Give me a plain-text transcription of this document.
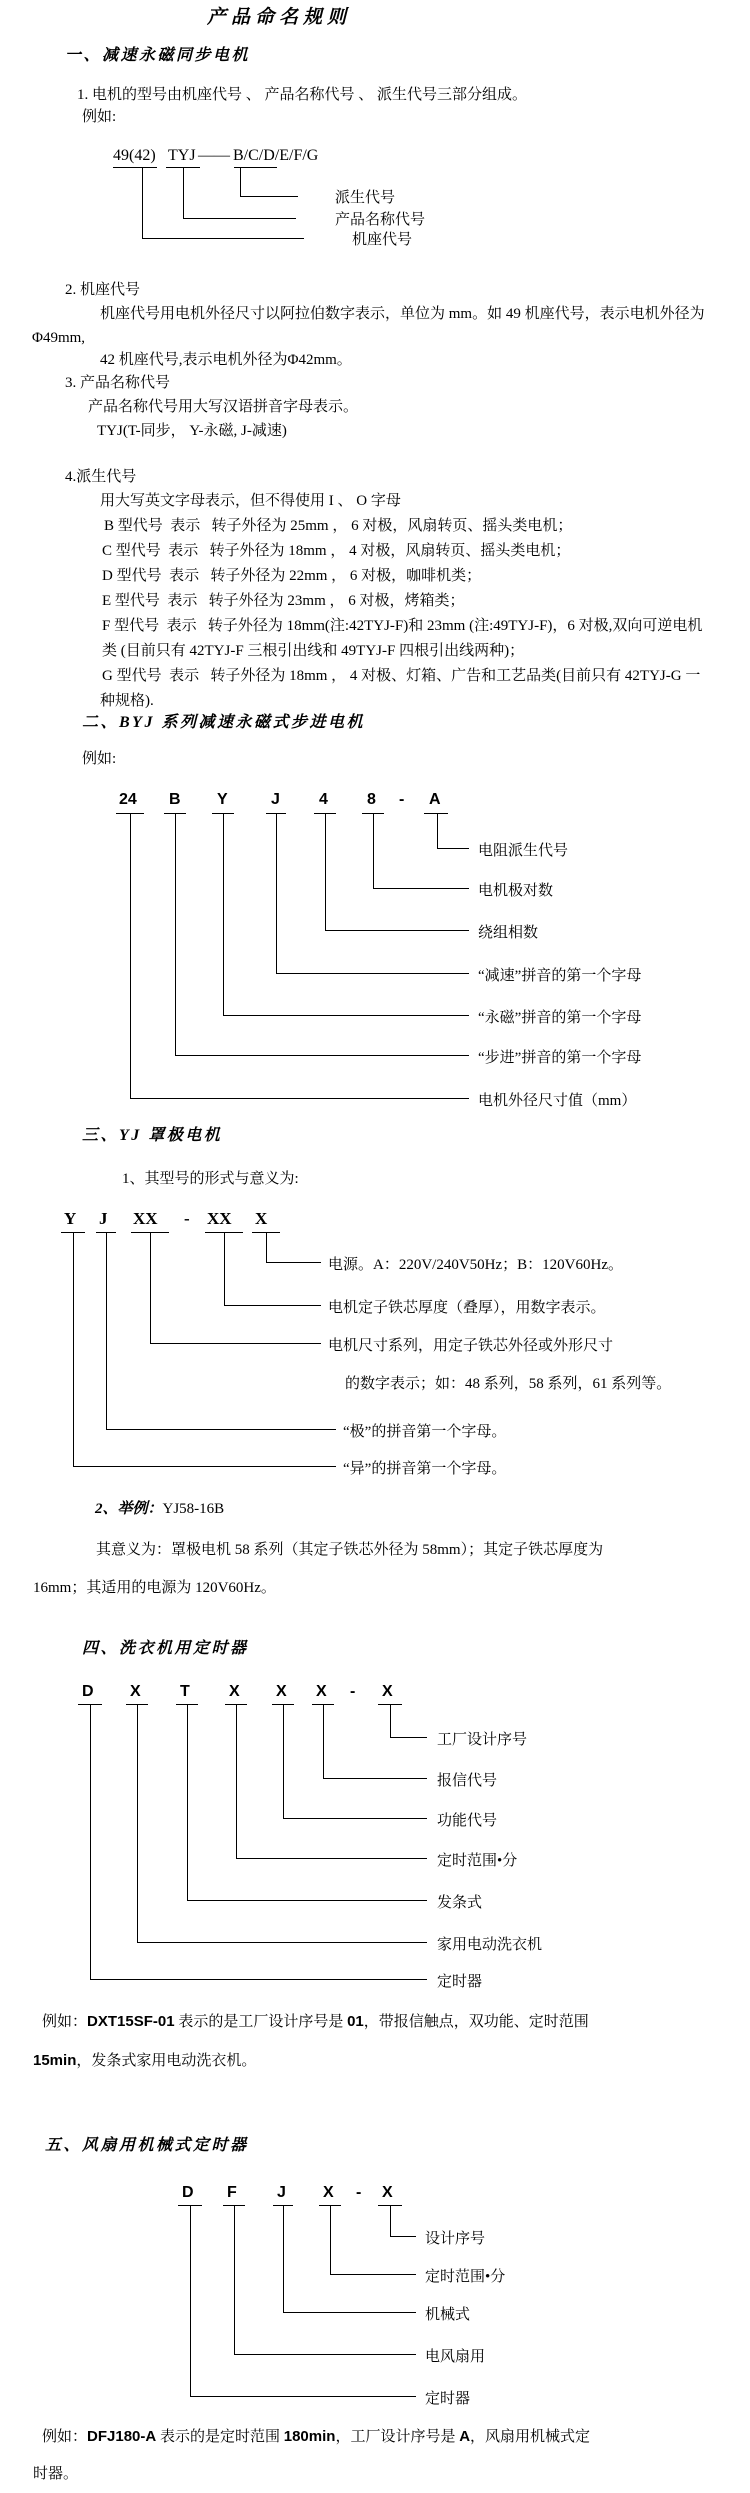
产品命名规则
一、减速永磁同步电机
1. 电机的型号由机座代号 、 产品名称代号 、 派生代号三部分组成。
例如:
49(42) TYJ —— B/C/D/E/F/G
派生代号
产品名称代号
机座代号
2. 机座代号
机座代号用电机外径尺寸以阿拉伯数字表示，单位为 mm。如 49 机座代号，表示电机外径为
Φ49mm,
42 机座代号,表示电机外径为Φ42mm。
3. 产品名称代号
产品名称代号用大写汉语拼音字母表示。
TYJ(T-同步， Y-永磁, J-减速)
4.派生代号
用大写英文字母表示，但不得使用 I 、 O 字母
B 型代号  表示   转子外径为 25mm ， 6 对极，风扇转页、摇头类电机；
C 型代号  表示   转子外径为 18mm ， 4 对极，风扇转页、摇头类电机；
D 型代号  表示   转子外径为 22mm ， 6 对极，咖啡机类；
E 型代号  表示   转子外径为 23mm ， 6 对极，烤箱类；
F 型代号  表示   转子外径为 18mm(注:42TYJ-F)和 23mm (注:49TYJ-F)，6 对极,双向可逆电机
类 (目前只有 42TYJ-F 三根引出线和 49TYJ-F 四根引出线两种)；
G 型代号  表示   转子外径为 18mm ， 4 对极、灯箱、广告和工艺品类(目前只有 42TYJ-G 一
种规格).
二、BYJ 系列减速永磁式步进电机
例如:
24 B Y	J 4 8 - A
电阻派生代号
电机极对数
绕组相数
“减速”拼音的第一个字母
“永磁”拼音的第一个字母
“步进”拼音的第一个字母
电机外径尺寸值（mm）
三、YJ 罩极电机
1、其型号的形式与意义为:
Y J XX - XX X
电源。A：220V/240V50Hz；B：120V60Hz。
电机定子铁芯厚度（叠厚），用数字表示。
电机尺寸系列，用定子铁芯外径或外形尺寸
的数字表示；如：48 系列，58 系列，61 系列等。
“极”的拼音第一个字母。
“异”的拼音第一个字母。
2、举例：YJ58-16B
其意义为：罩极电机 58 系列（其定子铁芯外径为 58mm）；其定子铁芯厚度为
16mm；其适用的电源为 120V60Hz。
四、洗衣机用定时器
D X T X X X - X
工厂设计序号
报信代号
功能代号
定时范围•分
发条式
家用电动洗衣机
定时器
例如：DXT15SF-01 表示的是工厂设计序号是 01，带报信触点，双功能、定时范围
15min，发条式家用电动洗衣机。
五、风扇用机械式定时器
D F	J X - X
设计序号
定时范围•分
机械式
电风扇用
定时器
例如：DFJ180-A 表示的是定时范围 180min，工厂设计序号是 A，风扇用机械式定
时器。
